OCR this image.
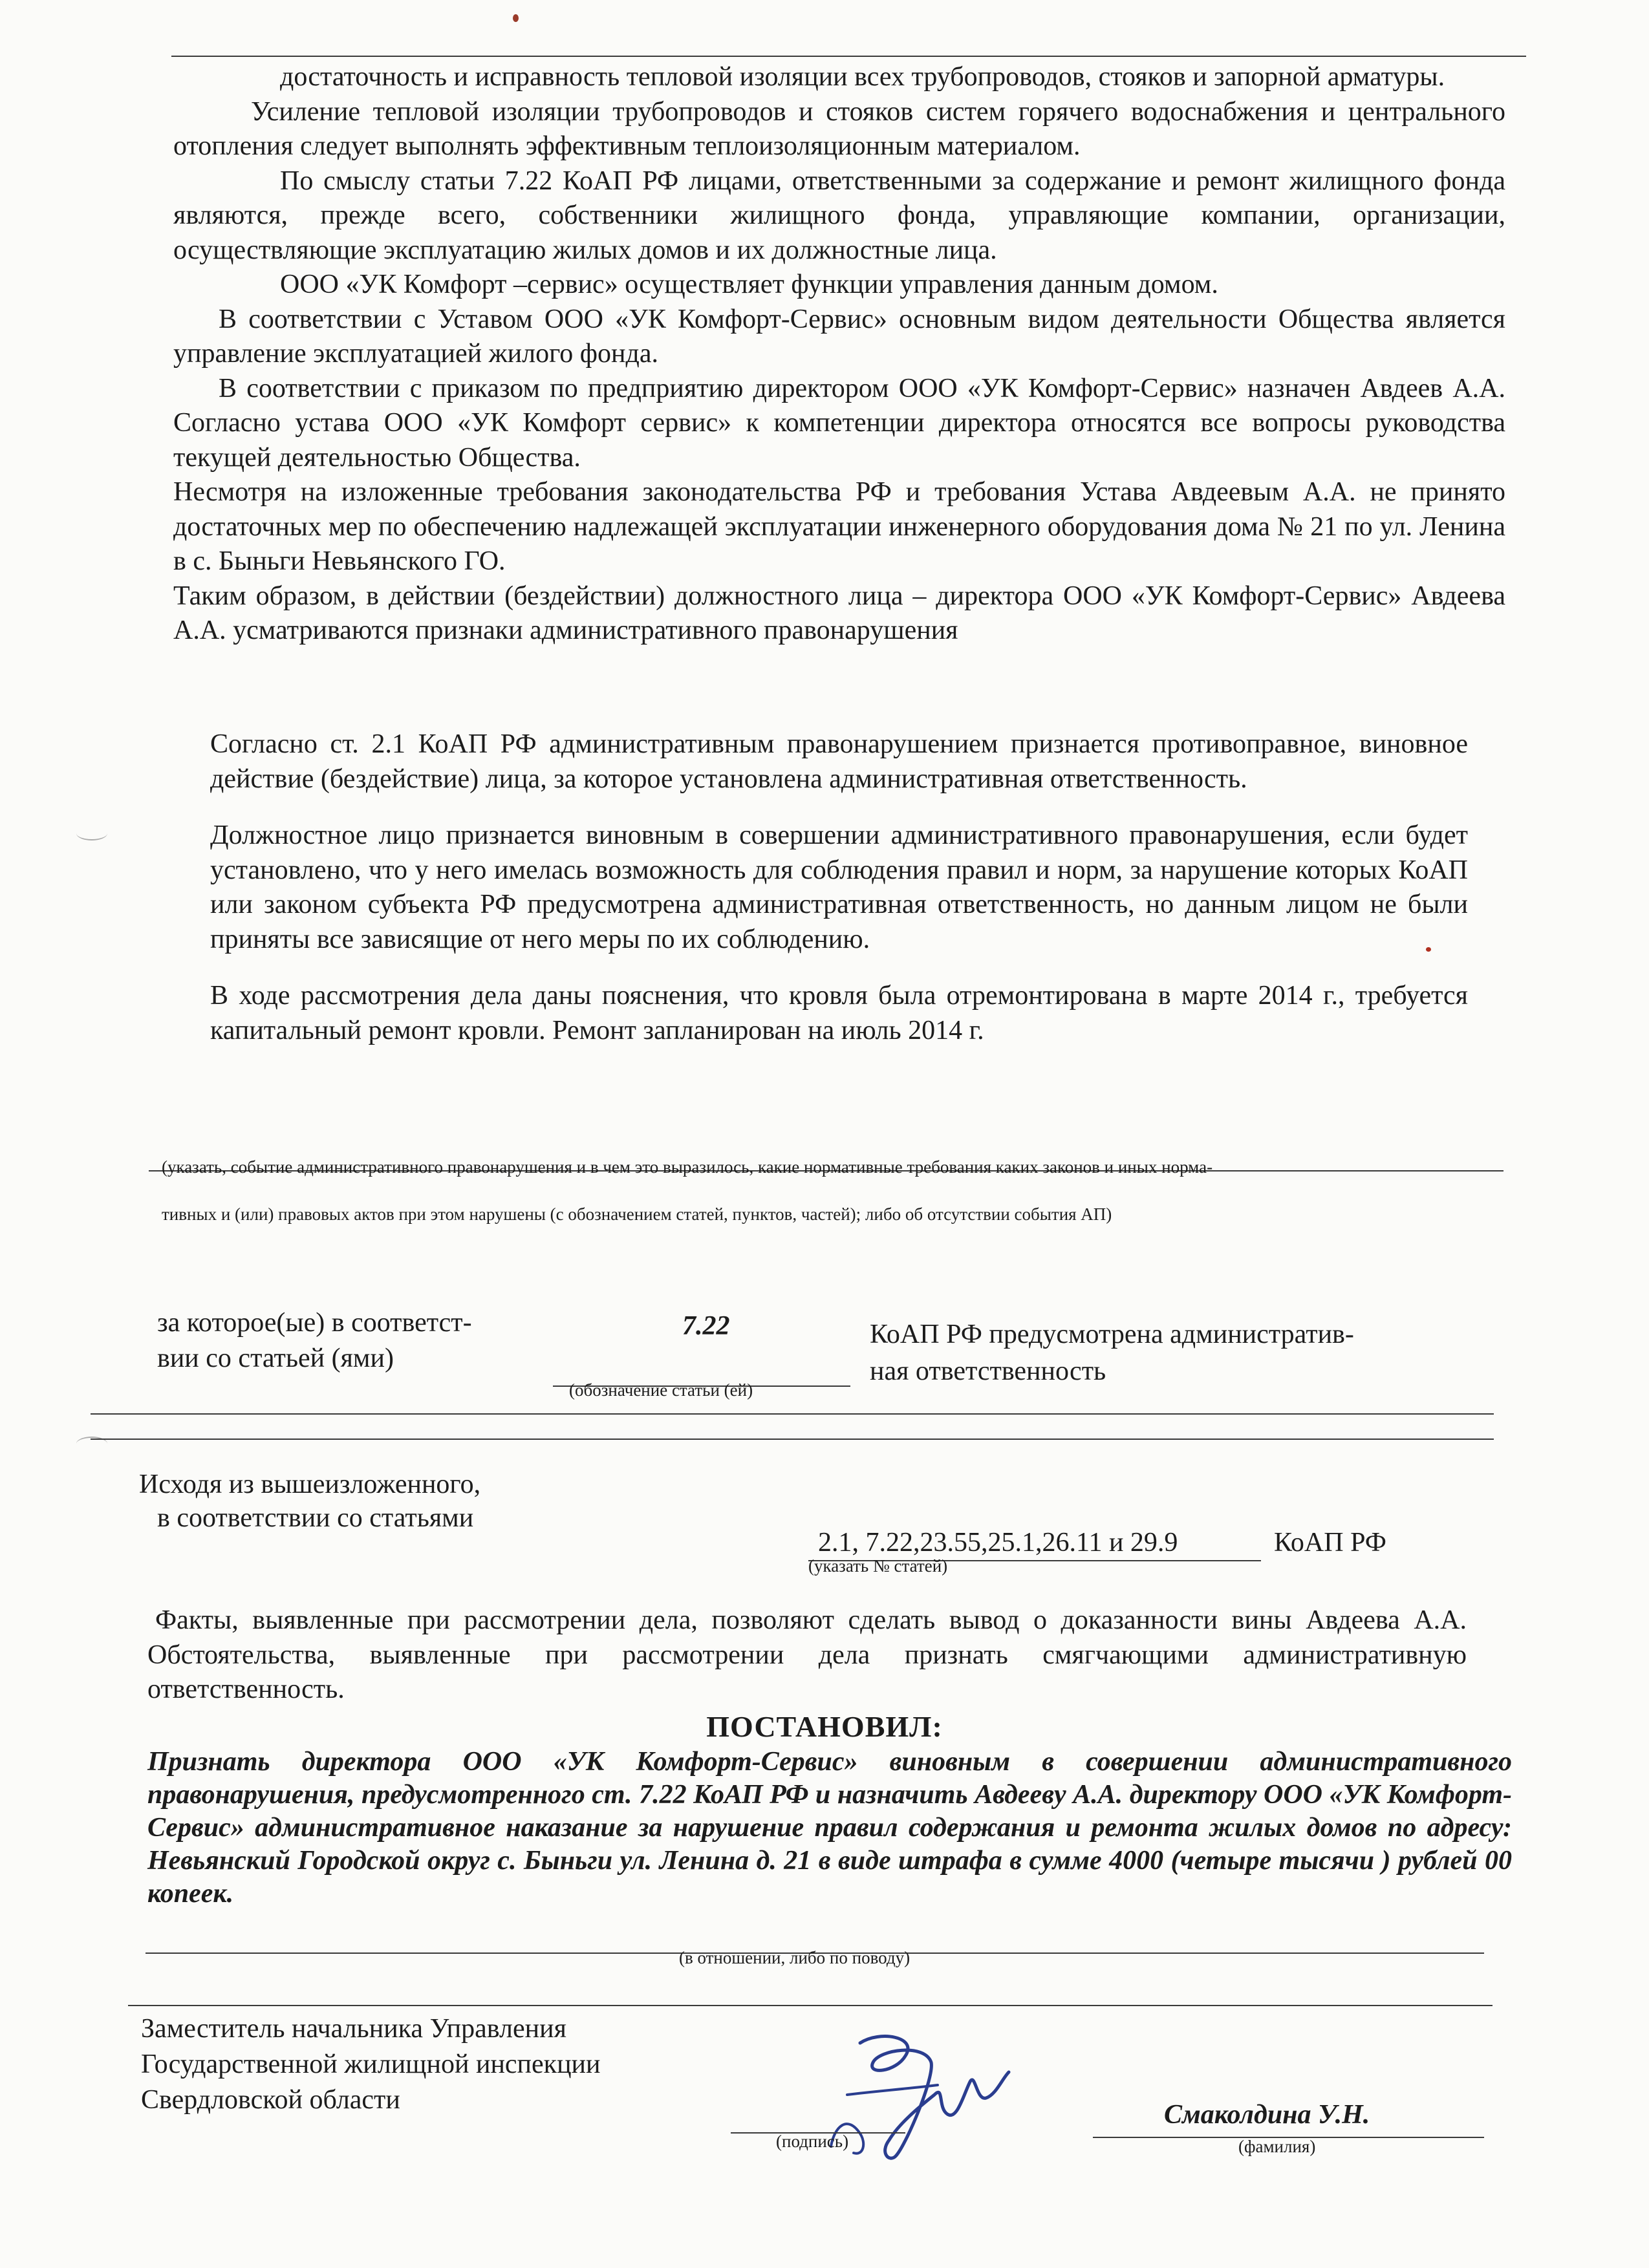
достаточность и исправность тепловой изоляции всех трубопроводов, стояков и запорной арматуры.

Усиление тепловой изоляции трубопроводов и стояков систем горячего водоснабжения и центрального отопления следует выполнять эффективным теплоизоляционным материалом.

По смыслу статьи 7.22 КоАП РФ лицами, ответственными за содержание и ремонт жилищного фонда являются, прежде всего, собственники жилищного фонда, управляющие компании, организации, осуществляющие эксплуатацию жилых домов и их должностные лица.

ООО «УК Комфорт –сервис» осуществляет функции управления данным домом.

В соответствии с Уставом ООО «УК Комфорт-Сервис» основным видом деятельности Общества является управление эксплуатацией жилого фонда.

В соответствии с приказом по предприятию директором ООО «УК Комфорт-Сервис» назначен Авдеев А.А. Согласно устава ООО «УК Комфорт сервис» к компетенции директора относятся все вопросы руководства текущей деятельностью Общества.

Несмотря на изложенные требования законодательства РФ и требования Устава Авдеевым А.А. не принято достаточных мер по обеспечению надлежащей эксплуатации инженерного оборудования дома № 21 по ул. Ленина в с. Быньги Невьянского ГО.

Таким образом, в действии (бездействии) должностного лица – директора ООО «УК Комфорт-Сервис» Авдеева А.А. усматриваются признаки административного правонарушения

Согласно ст. 2.1 КоАП РФ административным правонарушением признается противоправное, виновное действие (бездействие) лица, за которое установлена административная ответственность.

Должностное лицо признается виновным в совершении административного правонарушения, если будет установлено, что у него имелась возможность для соблюдения правил и норм, за нарушение которых КоАП или законом субъекта РФ предусмотрена административная ответственность, но данным лицом не были приняты все зависящие от него меры по их соблюдению.

В ходе рассмотрения дела даны пояснения, что кровля была отремонтирована в марте 2014 г., требуется капитальный ремонт кровли. Ремонт запланирован на июль 2014 г.

(указать, событие административного правонарушения и в чем это выразилось, какие нормативные требования каких законов и иных норма-
тивных и (или) правовых актов при этом нарушены (с обозначением статей, пунктов, частей); либо об отсутствии события АП)
за которое(ые) в соответст-
вии со статьей (ями)
7.22
(обозначение статьи (ей)
КоАП РФ предусмотрена административ-
ная ответственность
Исходя из вышеизложенного,
в соответствии со статьями
2.1, 7.22,23.55,25.1,26.11 и 29.9	КоАП РФ
(указать № статей)
Факты, выявленные при рассмотрении дела, позволяют сделать вывод о доказанности вины Авдеева А.А. Обстоятельства, выявленные при рассмотрении дела признать смягчающими административную ответственность.
ПОСТАНОВИЛ:
Признать директора ООО «УК Комфорт-Сервис» виновным в совершении административного правонарушения, предусмотренного ст. 7.22 КоАП РФ и назначить Авдееву А.А. директору ООО «УК Комфорт-Сервис» административное наказание за нарушение правил содержания и ремонта жилых домов по адресу: Невьянский Городской округ с. Быньги ул. Ленина д. 21 в виде штрафа в сумме 4000 (четыре тысячи ) рублей 00 копеек.
(в отношении, либо по поводу)
Заместитель начальника Управления
Государственной жилищной инспекции
Свердловской области
(подпись)
Смаколдина У.Н.
(фамилия)
